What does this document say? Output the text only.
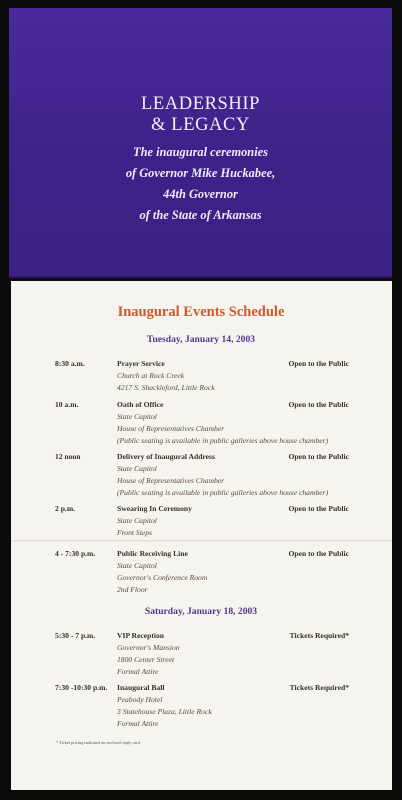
LEADERSHIP
& LEGACY
The inaugural ceremonies
of Governor Mike Huckabee,
44th Governor
of the State of Arkansas
Inaugural Events Schedule
Tuesday, January 14, 2003
8:30 a.m.	Prayer Service	Open to the Public
Church at Rock Creek
4217 S. Shackleford, Little Rock
10 a.m.	Oath of Office	Open to the Public
State Capitol
House of Representatives Chamber
(Public seating is available in public galleries above house chamber)
12 noon	Delivery of Inaugural Address	Open to the Public
State Capitol
House of Representatives Chamber
(Public seating is available in public galleries above house chamber)
2 p.m.	Swearing In Ceremony	Open to the Public
State Capitol
Front Steps
4 - 7:30 p.m.	Public Receiving Line	Open to the Public
State Capitol
Governor's Conference Room
2nd Floor
Saturday, January 18, 2003
5:30 - 7 p.m.	VIP Reception	Tickets Required*
Governor's Mansion
1800 Center Street
Formal Attire
7:30 -10:30 p.m. Inaugural Ball	Tickets Required*
Peabody Hotel
3 Statehouse Plaza, Little Rock
Formal Attire
* Ticket pricing indicated on enclosed reply card
